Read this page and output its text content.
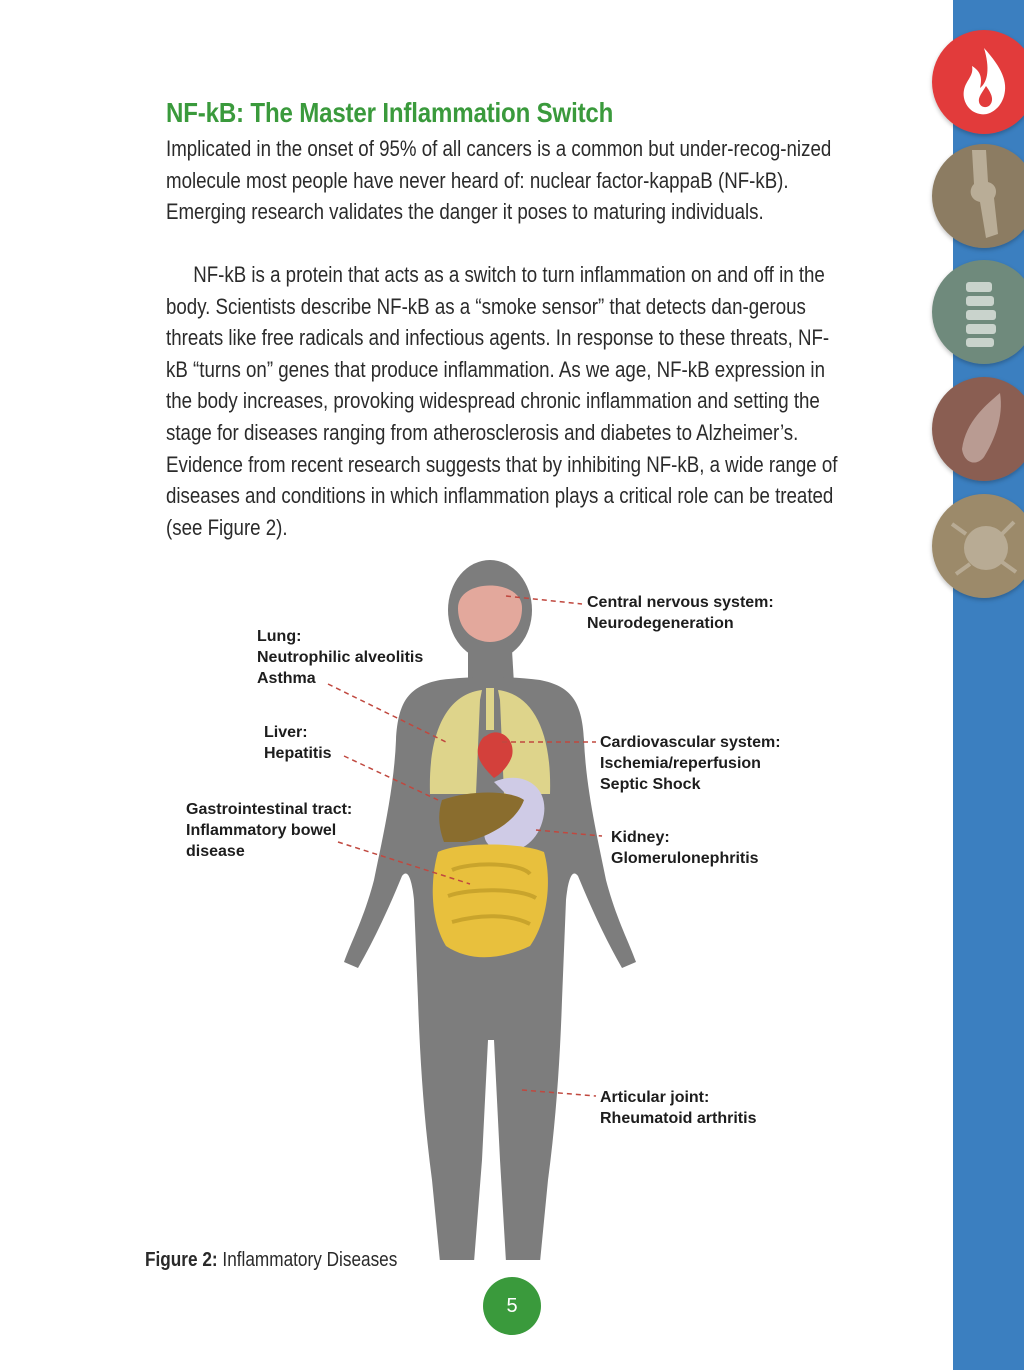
NF-kB: The Master Inflammation Switch

Implicated in the onset of 95% of all cancers is a common but under-recog-nized molecule most people have never heard of: nuclear factor-kappaB (NF-kB). Emerging research validates the danger it poses to maturing individuals.

NF-kB is a protein that acts as a switch to turn inflammation on and off in the body. Scientists describe NF-kB as a “smoke sensor” that detects dan-gerous threats like free radicals and infectious agents. In response to these threats, NF-kB “turns on” genes that produce inflammation. As we age, NF-kB expression in the body increases, provoking widespread chronic inflammation and setting the stage for diseases ranging from atherosclerosis and diabetes to Alzheimer’s. Evidence from recent research suggests that by inhibiting NF-kB, a wide range of diseases and conditions in which inflammation plays a critical role can be treated (see Figure 2).

Central nervous system:
Neurodegeneration
Lung:
Neutrophilic alveolitis
Asthma
Liver:
Hepatitis
Gastrointestinal tract:
Inflammatory bowel
disease
Cardiovascular system:
Ischemia/reperfusion
Septic Shock
Kidney:
Glomerulonephritis
Articular joint:
Rheumatoid arthritis
Figure 2: Inflammatory Diseases
5
